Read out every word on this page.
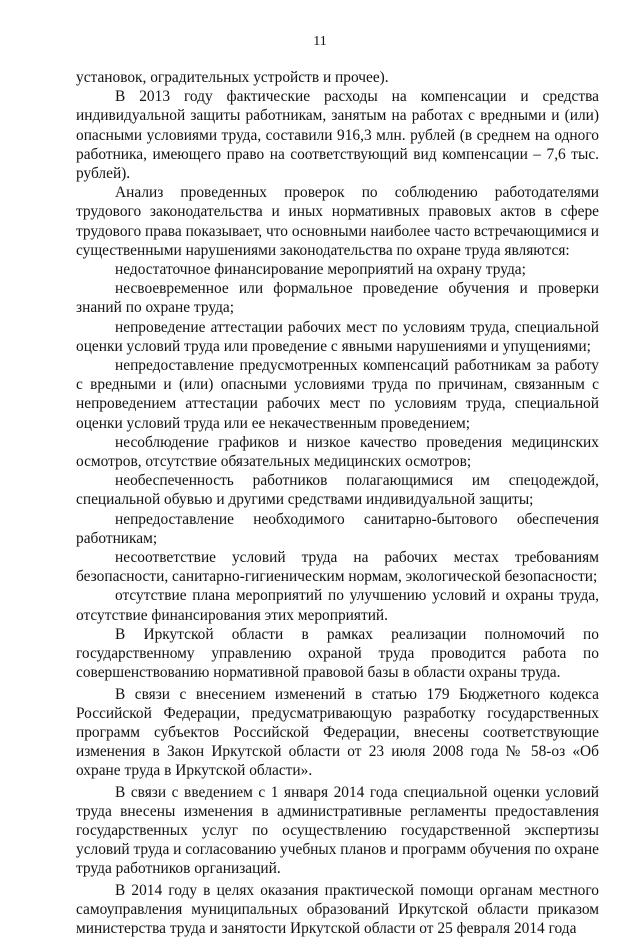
11

установок, оградительных устройств и прочее).

В 2013 году фактические расходы на компенсации и средства индивидуальной защиты работникам, занятым на работах с вредными и (или) опасными условиями труда, составили 916,3 млн. рублей (в среднем на одного работника, имеющего право на соответствующий вид компенсации – 7,6 тыс. рублей).

Анализ проведенных проверок по соблюдению работодателями трудового законодательства и иных нормативных правовых актов в сфере трудового права показывает, что основными наиболее часто встречающимися и существенными нарушениями законодательства по охране труда являются:

недостаточное финансирование мероприятий на охрану труда;

несвоевременное или формальное проведение обучения и проверки знаний по охране труда;

непроведение аттестации рабочих мест по условиям труда, специальной оценки условий труда или проведение с явными нарушениями и упущениями;

непредоставление предусмотренных компенсаций работникам за работу с вредными и (или) опасными условиями труда по причинам, связанным с непроведением аттестации рабочих мест по условиям труда, специальной оценки условий труда или ее некачественным проведением;

несоблюдение графиков и низкое качество проведения медицинских осмотров, отсутствие обязательных медицинских осмотров;

необеспеченность работников полагающимися им спецодеждой, специальной обувью и другими средствами индивидуальной защиты;

непредоставление необходимого санитарно-бытового обеспечения работникам;

несоответствие условий труда на рабочих местах требованиям безопасности, санитарно-гигиеническим нормам, экологической безопасности;

отсутствие плана мероприятий по улучшению условий и охраны труда, отсутствие финансирования этих мероприятий.

В Иркутской области в рамках реализации полномочий по государственному управлению охраной труда проводится работа по совершенствованию нормативной правовой базы в области охраны труда.

В связи с внесением изменений в статью 179 Бюджетного кодекса Российской Федерации, предусматривающую разработку государственных программ субъектов Российской Федерации, внесены соответствующие изменения в Закон Иркутской области от 23 июля 2008 года № 58-оз «Об охране труда в Иркутской области».

В связи с введением с 1 января 2014 года специальной оценки условий труда внесены изменения в административные регламенты предоставления государственных услуг по осуществлению государственной экспертизы условий труда и согласованию учебных планов и программ обучения по охране труда работников организаций.

В 2014 году в целях оказания практической помощи органам местного самоуправления муниципальных образований Иркутской области приказом министерства труда и занятости Иркутской области от 25 февраля 2014 года
